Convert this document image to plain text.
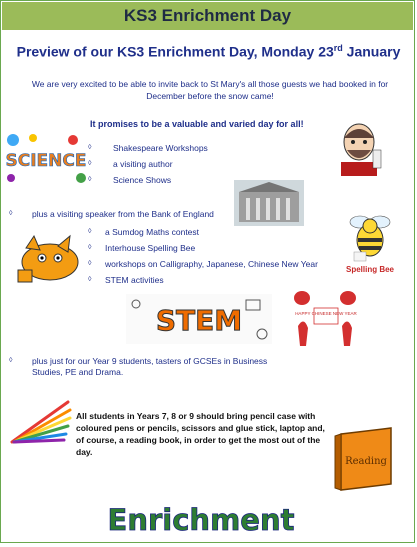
KS3 Enrichment Day
Preview of our KS3 Enrichment Day, Monday 23rd January
We are very excited to be able to invite back to St Mary's all those guests we had booked in for December before the snow came!
It promises to be a valuable and varied day for all!
SCIENCE
◊	Shakespeare Workshops
◊	a visiting author
◊	Science Shows
◊ plus a visiting speaker from the Bank of England
Spelling Bee
◊ a Sumdog Maths contest
◊ Interhouse Spelling Bee
◊ workshops on Calligraphy, Japanese, Chinese New Year
◊ STEM activities
STEM	HAPPY CHINESE NEW YEAR
◊ plus just for our Year 9 students, tasters of GCSEs in Business Studies, PE and Drama.
All students in Years 7, 8 or 9 should bring pencil case with coloured pens or pencils, scissors and glue stick, laptop and, of course, a reading book, in order to get the most out of the day.
Reading
Enrichment
